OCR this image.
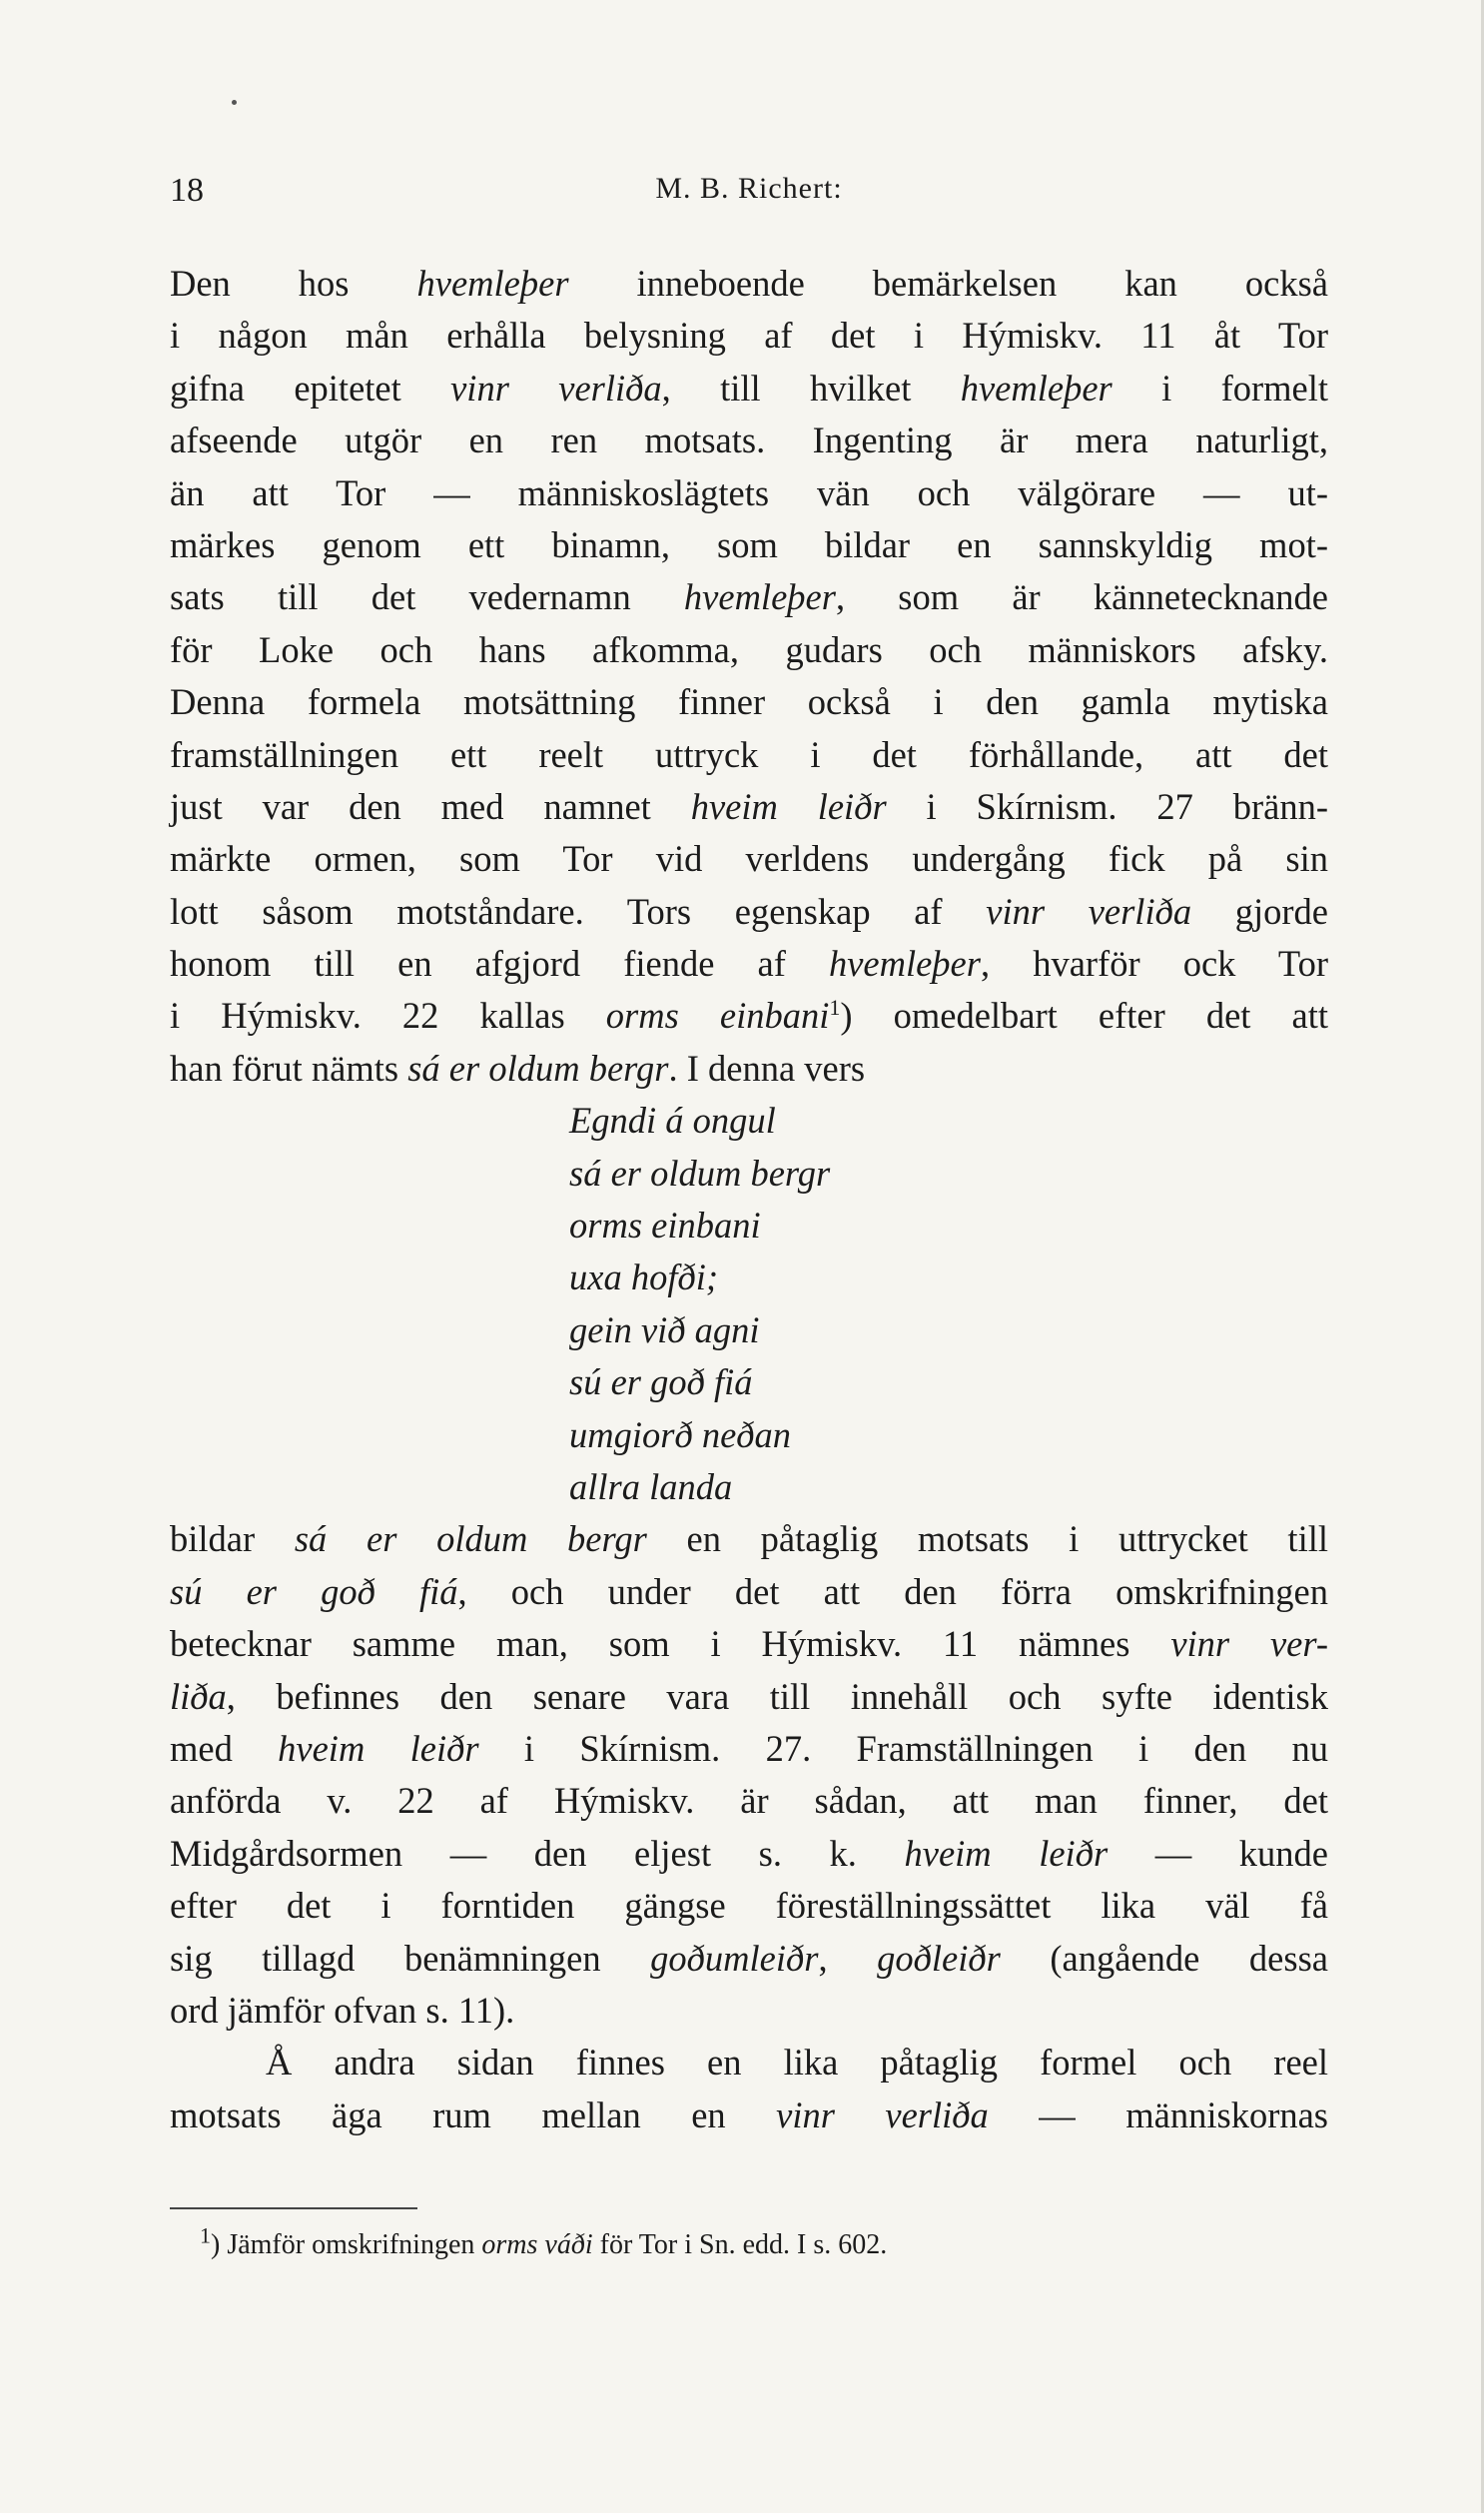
18	M. B. Richert:
Den hos hvemleþer inneboende bemärkelsen kan också
i någon mån erhålla belysning af det i Hýmiskv. 11 åt Tor
gifna epitetet vinr verliða, till hvilket hvemleþer i formelt
afseende utgör en ren motsats. Ingenting är mera naturligt,
än att Tor — människoslägtets vän och välgörare — ut-
märkes genom ett binamn, som bildar en sannskyldig mot-
sats till det vedernamn hvemleþer, som är kännetecknande
för Loke och hans afkomma, gudars och människors afsky.
Denna formela motsättning finner också i den gamla mytiska
framställningen ett reelt uttryck i det förhållande, att det
just var den med namnet hveim leiðr i Skírnism. 27 bränn-
märkte ormen, som Tor vid verldens undergång fick på sin
lott såsom motståndare. Tors egenskap af vinr verliða gjorde
honom till en afgjord fiende af hvemleþer, hvarför ock Tor
i Hýmiskv. 22 kallas orms einbani$^1$) omedelbart efter det att
han förut nämts sá er oldum bergr. I denna vers
Egndi á ongul
sá er oldum bergr
orms einbani
uxa hofði;
gein við agni
sú er goð fiá
umgiorð neðan
allra landa
bildar sá er oldum bergr en påtaglig motsats i uttrycket till
sú er goð fiá, och under det att den förra omskrifningen
betecknar samme man, som i Hýmiskv. 11 nämnes vinr ver-
liða, befinnes den senare vara till innehåll och syfte identisk
med hveim leiðr i Skírnism. 27. Framställningen i den nu
anförda v. 22 af Hýmiskv. är sådan, att man finner, det
Midgårdsormen — den eljest s. k. hveim leiðr — kunde
efter det i forntiden gängse föreställningssättet lika väl få
sig tillagd benämningen goðumleiðr, goðleiðr (angående dessa
ord jämför ofvan s. 11).
Å andra sidan finnes en lika påtaglig formel och reel
motsats äga rum mellan en vinr verliða — människornas
$^1$) Jämför omskrifningen orms váði för Tor i Sn. edd. I s. 602.
